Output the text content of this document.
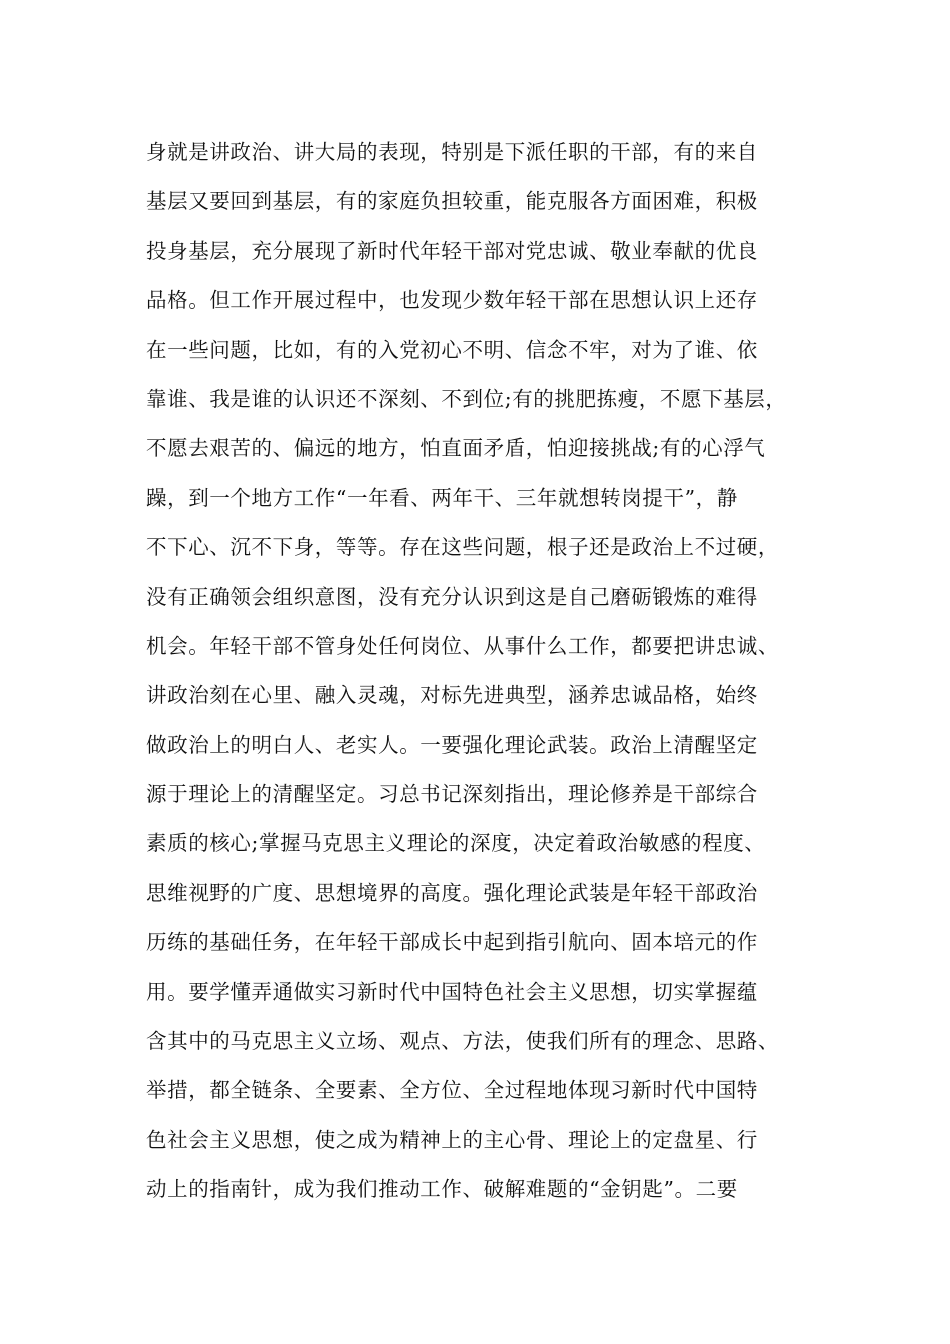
身就是讲政治、讲大局的表现，特别是下派任职的干部，有的来自
基层又要回到基层，有的家庭负担较重，能克服各方面困难，积极
投身基层，充分展现了新时代年轻干部对党忠诚、敬业奉献的优良
品格。但工作开展过程中，也发现少数年轻干部在思想认识上还存
在一些问题，比如，有的入党初心不明、信念不牢，对为了谁、依
靠谁、我是谁的认识还不深刻、不到位;有的挑肥拣瘦，不愿下基层，
不愿去艰苦的、偏远的地方，怕直面矛盾，怕迎接挑战;有的心浮气
躁，到一个地方工作“一年看、两年干、三年就想转岗提干”，静
不下心、沉不下身，等等。存在这些问题，根子还是政治上不过硬，
没有正确领会组织意图，没有充分认识到这是自己磨砺锻炼的难得
机会。年轻干部不管身处任何岗位、从事什么工作，都要把讲忠诚、
讲政治刻在心里、融入灵魂，对标先进典型，涵养忠诚品格，始终
做政治上的明白人、老实人。一要强化理论武装。政治上清醒坚定
源于理论上的清醒坚定。习总书记深刻指出，理论修养是干部综合
素质的核心;掌握马克思主义理论的深度，决定着政治敏感的程度、
思维视野的广度、思想境界的高度。强化理论武装是年轻干部政治
历练的基础任务，在年轻干部成长中起到指引航向、固本培元的作
用。要学懂弄通做实习新时代中国特色社会主义思想，切实掌握蕴
含其中的马克思主义立场、观点、方法，使我们所有的理念、思路、
举措，都全链条、全要素、全方位、全过程地体现习新时代中国特
色社会主义思想，使之成为精神上的主心骨、理论上的定盘星、行
动上的指南针，成为我们推动工作、破解难题的“金钥匙”。二要
